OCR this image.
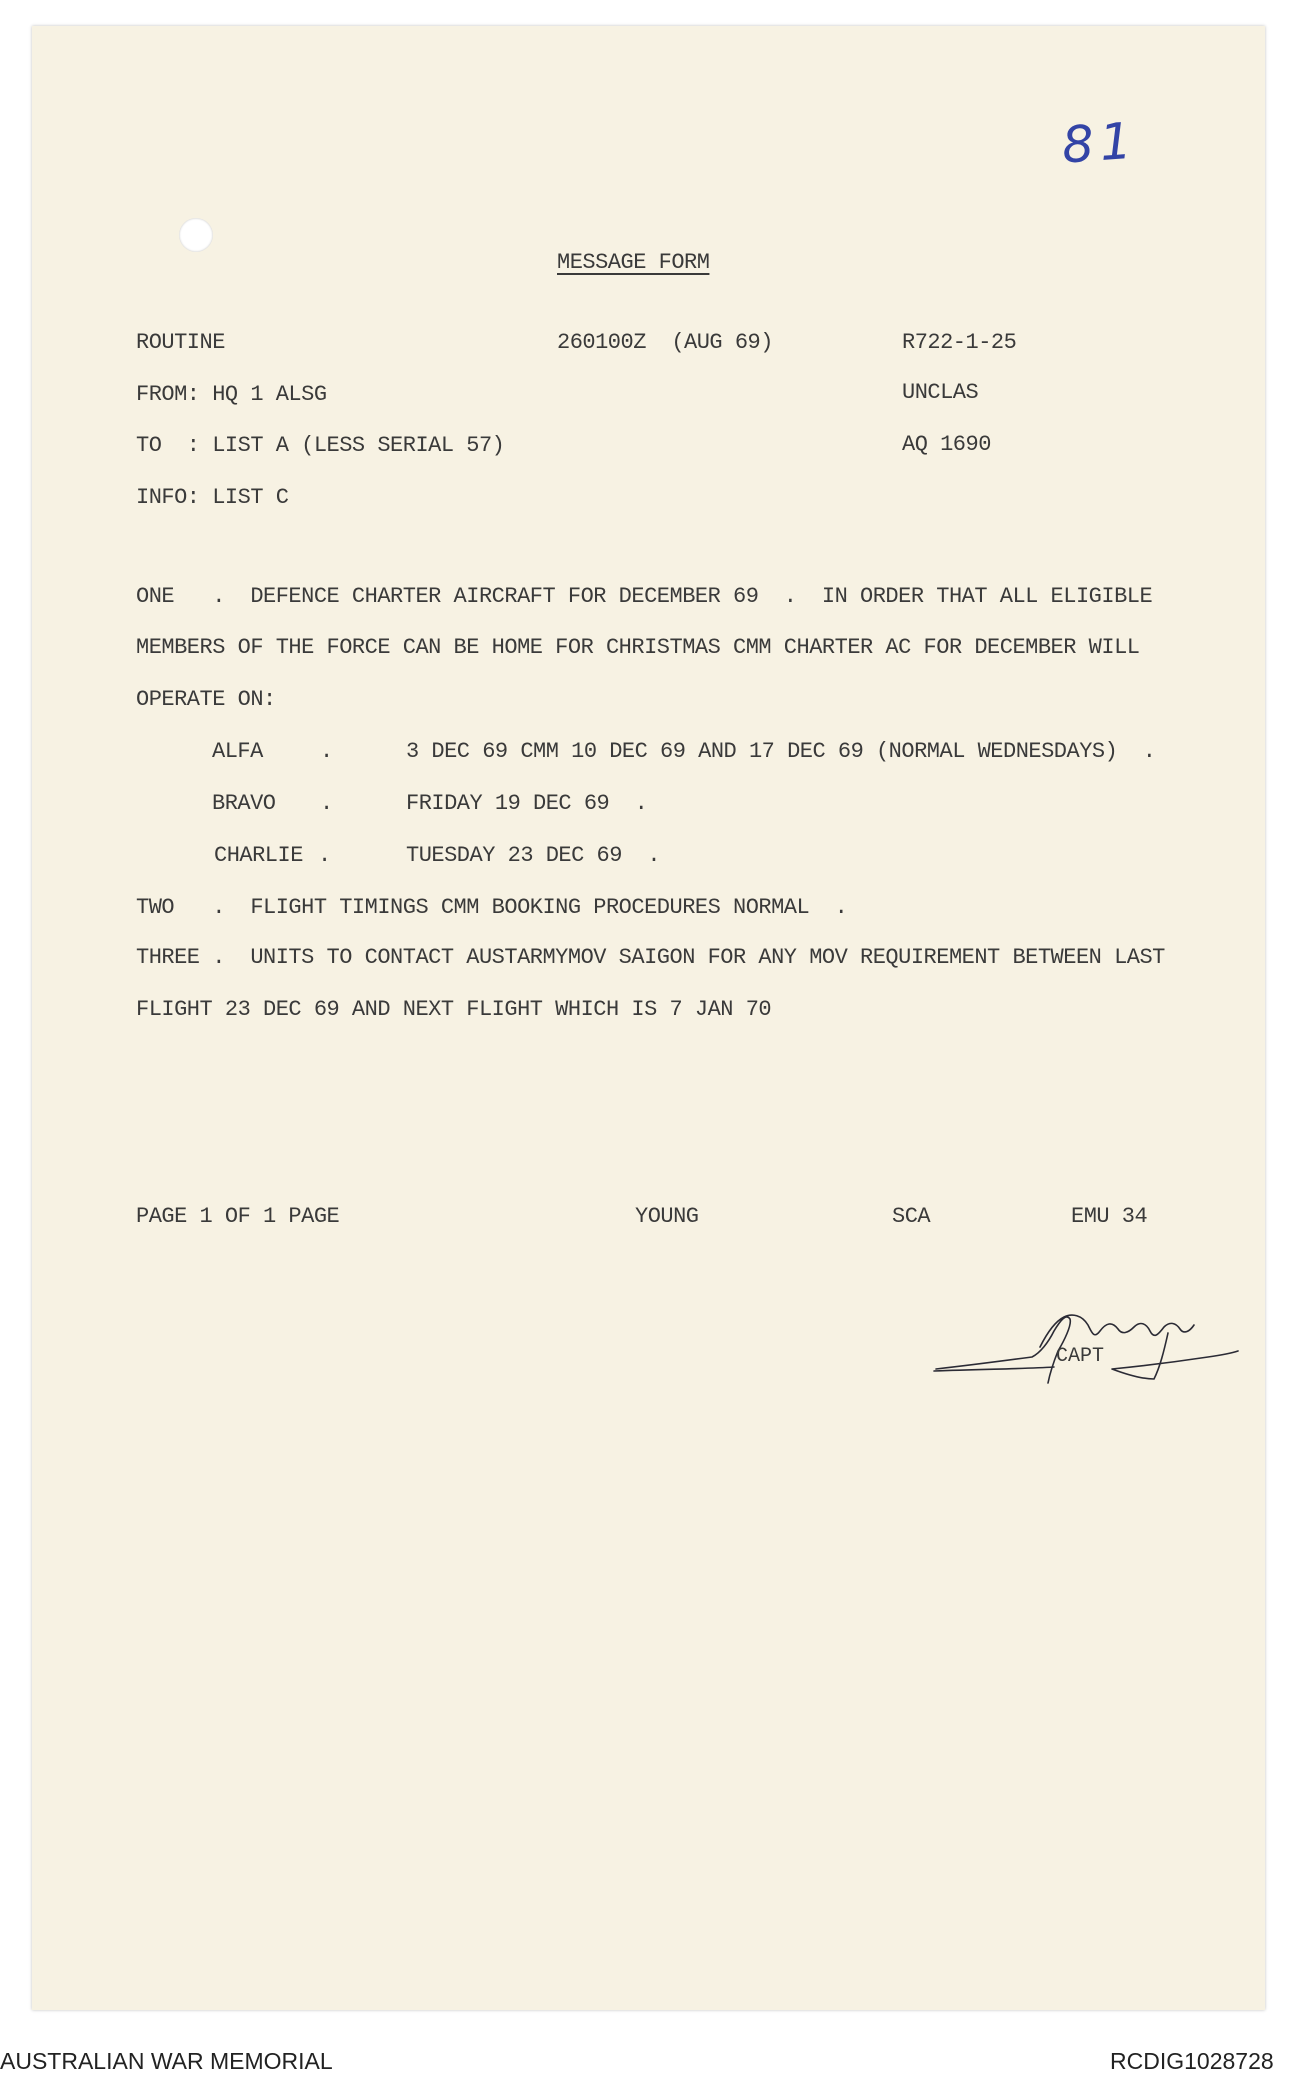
81
MESSAGE FORM
ROUTINE	260100Z  (AUG 69)	R722-1-25
FROM: HQ 1 ALSG	UNCLAS
TO  : LIST A (LESS SERIAL 57)	AQ 1690
INFO: LIST C
ONE   .  DEFENCE CHARTER AIRCRAFT FOR DECEMBER 69  .  IN ORDER THAT ALL ELIGIBLE
MEMBERS OF THE FORCE CAN BE HOME FOR CHRISTMAS CMM CHARTER AC FOR DECEMBER WILL
OPERATE ON:
ALFA	.	3 DEC 69 CMM 10 DEC 69 AND 17 DEC 69 (NORMAL WEDNESDAYS)  .
BRAVO .	FRIDAY 19 DEC 69  .
CHARLIE .	TUESDAY 23 DEC 69  .
TWO   .  FLIGHT TIMINGS CMM BOOKING PROCEDURES NORMAL  .
THREE .  UNITS TO CONTACT AUSTARMYMOV SAIGON FOR ANY MOV REQUIREMENT BETWEEN LAST
FLIGHT 23 DEC 69 AND NEXT FLIGHT WHICH IS 7 JAN 70
PAGE 1 OF 1 PAGE	YOUNG	SCA	EMU 34
CAPT
AUSTRALIAN WAR MEMORIAL	RCDIG1028728
